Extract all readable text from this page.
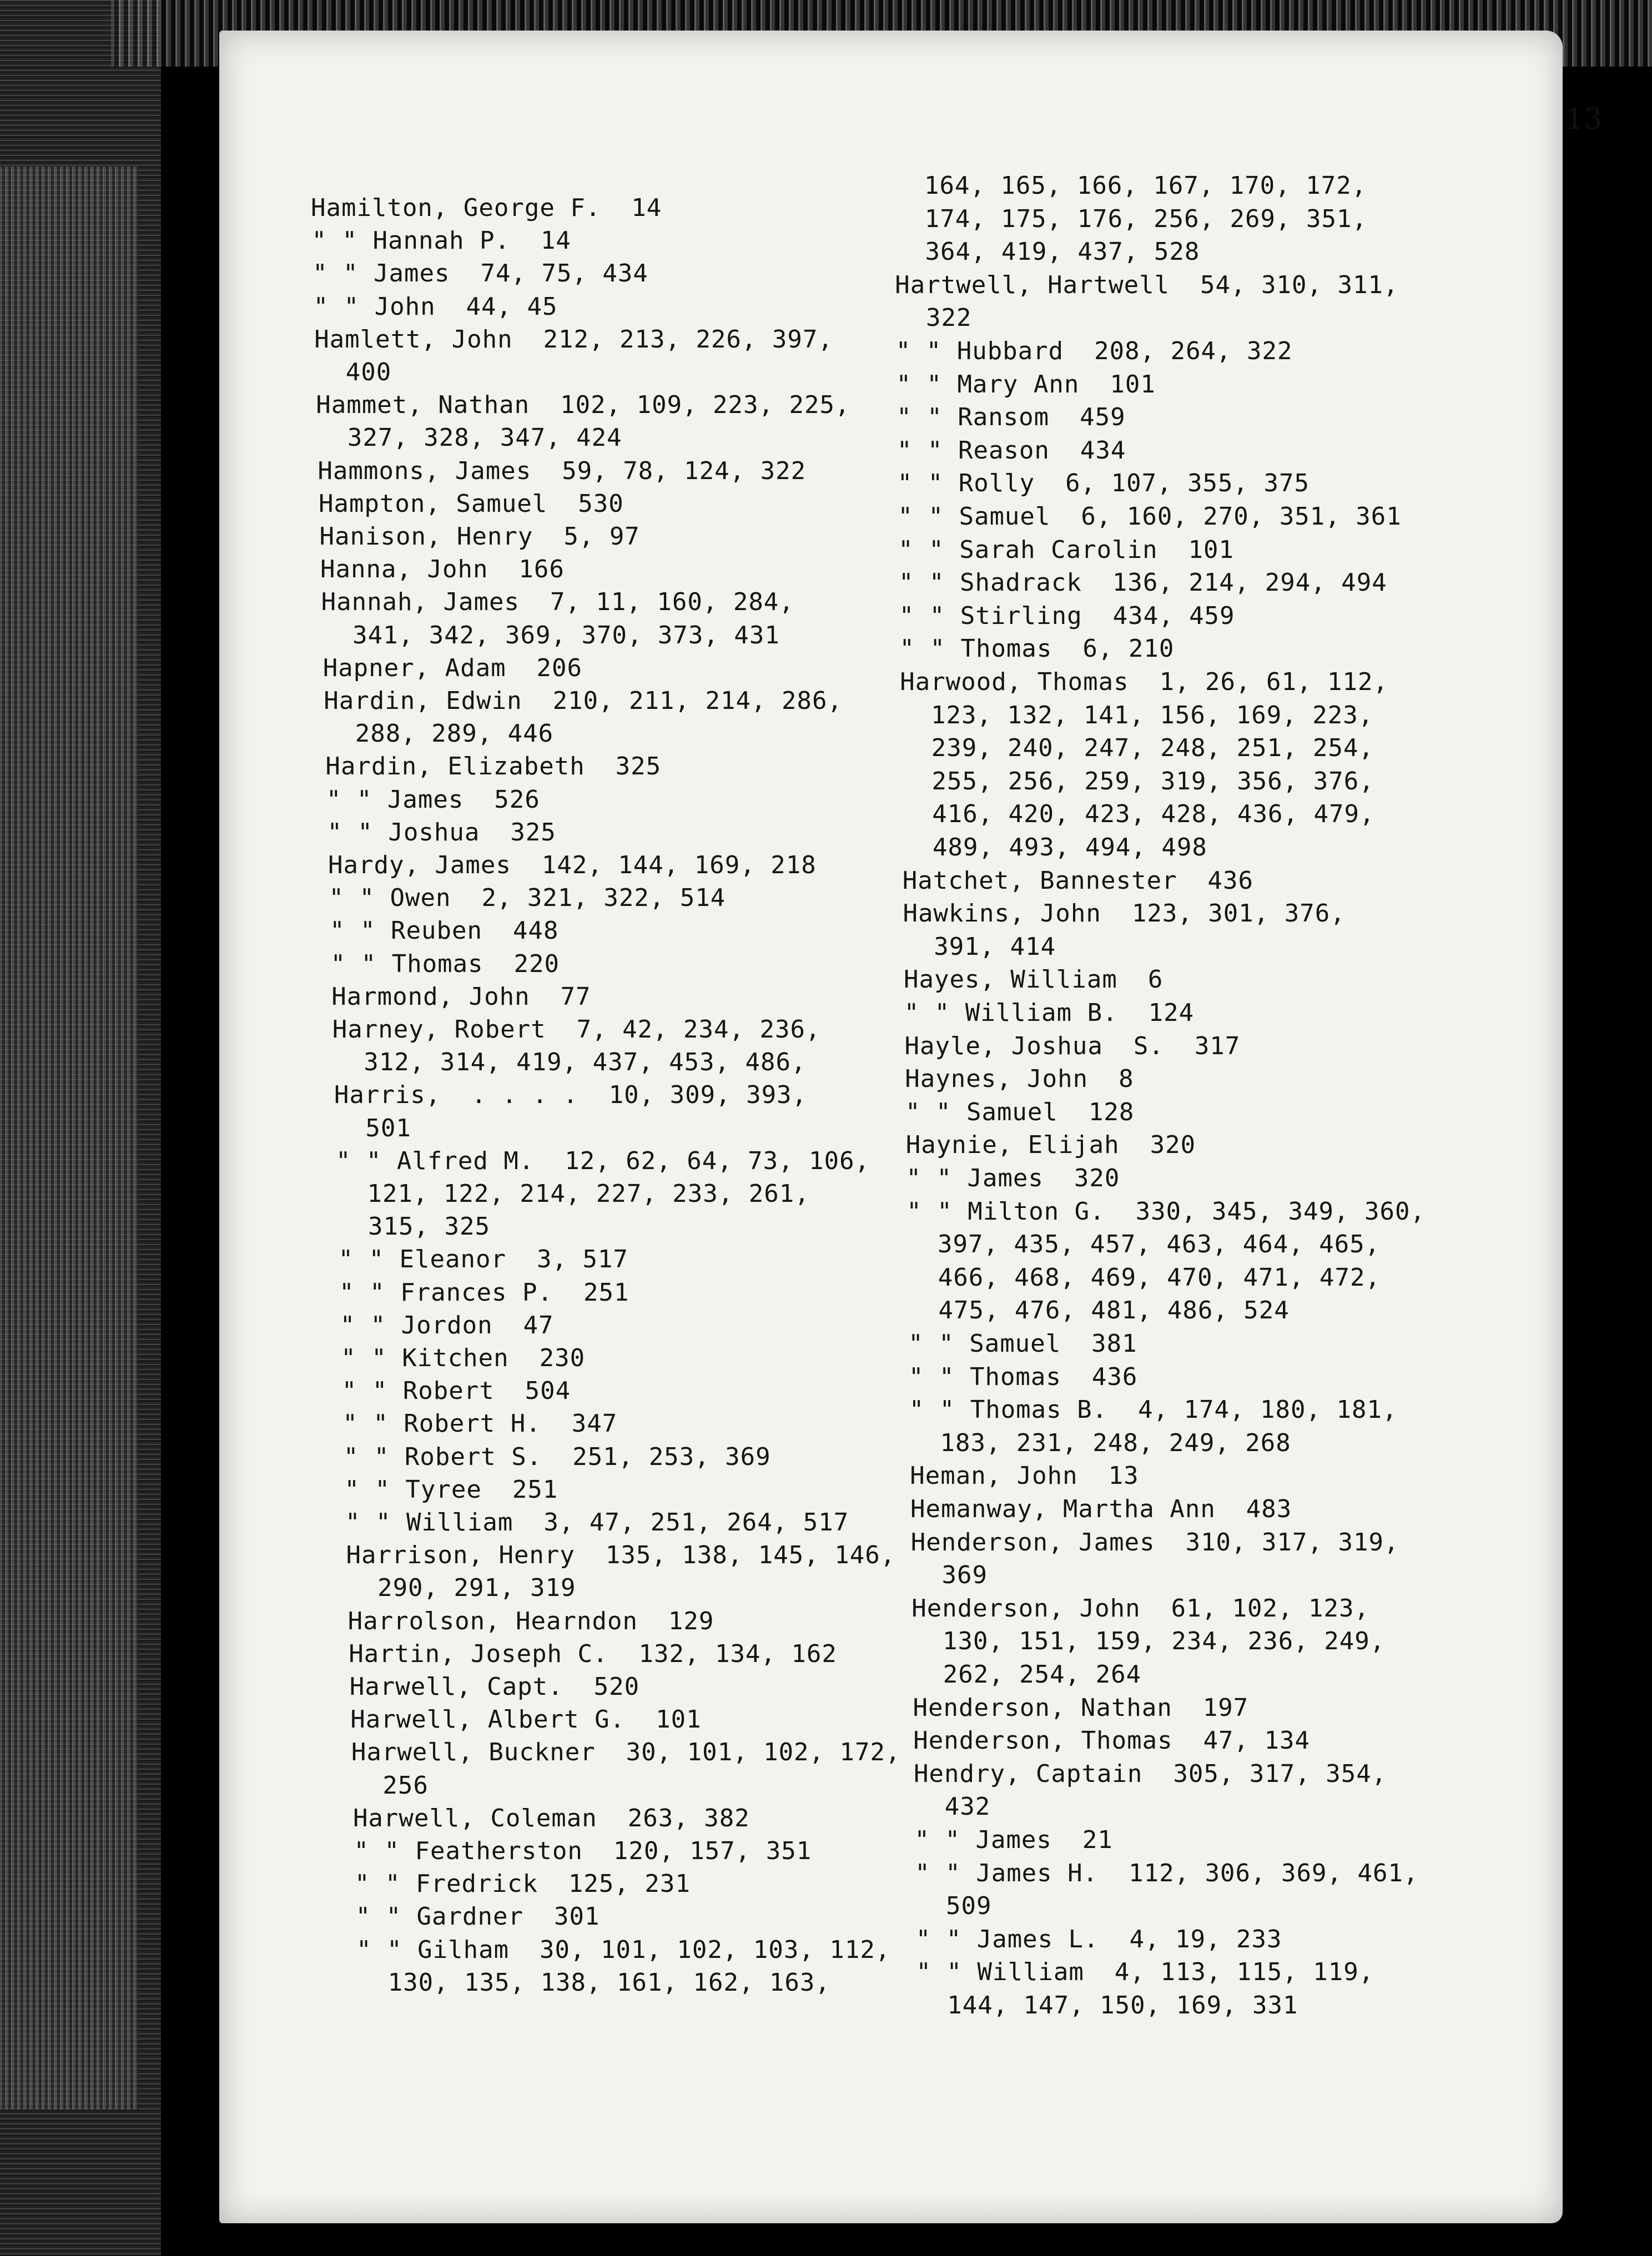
13
Hamilton, George F.  14
" " Hannah P.  14
" " James  74, 75, 434
" " John  44, 45
Hamlett, John  212, 213, 226, 397,
400
Hammet, Nathan  102, 109, 223, 225,
327, 328, 347, 424
Hammons, James  59, 78, 124, 322
Hampton, Samuel  530
Hanison, Henry  5, 97
Hanna, John  166
Hannah, James  7, 11, 160, 284,
341, 342, 369, 370, 373, 431
Hapner, Adam  206
Hardin, Edwin  210, 211, 214, 286,
288, 289, 446
Hardin, Elizabeth  325
" " James  526
" " Joshua  325
Hardy, James  142, 144, 169, 218
" " Owen  2, 321, 322, 514
" " Reuben  448
" " Thomas  220
Harmond, John  77
Harney, Robert  7, 42, 234, 236,
312, 314, 419, 437, 453, 486,
Harris,  . . . .  10, 309, 393,
501
" " Alfred M.  12, 62, 64, 73, 106,
121, 122, 214, 227, 233, 261,
315, 325
" " Eleanor  3, 517
" " Frances P.  251
" " Jordon  47
" " Kitchen  230
" " Robert  504
" " Robert H.  347
" " Robert S.  251, 253, 369
" " Tyree  251
" " William  3, 47, 251, 264, 517
Harrison, Henry  135, 138, 145, 146,
290, 291, 319
Harrolson, Hearndon  129
Hartin, Joseph C.  132, 134, 162
Harwell, Capt.  520
Harwell, Albert G.  101
Harwell, Buckner  30, 101, 102, 172,
256
Harwell, Coleman  263, 382
" " Featherston  120, 157, 351
" " Fredrick  125, 231
" " Gardner  301
" " Gilham  30, 101, 102, 103, 112,
130, 135, 138, 161, 162, 163,
164, 165, 166, 167, 170, 172,
174, 175, 176, 256, 269, 351,
364, 419, 437, 528
Hartwell, Hartwell  54, 310, 311,
322
" " Hubbard  208, 264, 322
" " Mary Ann  101
" " Ransom  459
" " Reason  434
" " Rolly  6, 107, 355, 375
" " Samuel  6, 160, 270, 351, 361
" " Sarah Carolin  101
" " Shadrack  136, 214, 294, 494
" " Stirling  434, 459
" " Thomas  6, 210
Harwood, Thomas  1, 26, 61, 112,
123, 132, 141, 156, 169, 223,
239, 240, 247, 248, 251, 254,
255, 256, 259, 319, 356, 376,
416, 420, 423, 428, 436, 479,
489, 493, 494, 498
Hatchet, Bannester  436
Hawkins, John  123, 301, 376,
391, 414
Hayes, William  6
" " William B.  124
Hayle, Joshua  S.  317
Haynes, John  8
" " Samuel  128
Haynie, Elijah  320
" " James  320
" " Milton G.  330, 345, 349, 360,
397, 435, 457, 463, 464, 465,
466, 468, 469, 470, 471, 472,
475, 476, 481, 486, 524
" " Samuel  381
" " Thomas  436
" " Thomas B.  4, 174, 180, 181,
183, 231, 248, 249, 268
Heman, John  13
Hemanway, Martha Ann  483
Henderson, James  310, 317, 319,
369
Henderson, John  61, 102, 123,
130, 151, 159, 234, 236, 249,
262, 254, 264
Henderson, Nathan  197
Henderson, Thomas  47, 134
Hendry, Captain  305, 317, 354,
432
" " James  21
" " James H.  112, 306, 369, 461,
509
" " James L.  4, 19, 233
" " William  4, 113, 115, 119,
144, 147, 150, 169, 331
